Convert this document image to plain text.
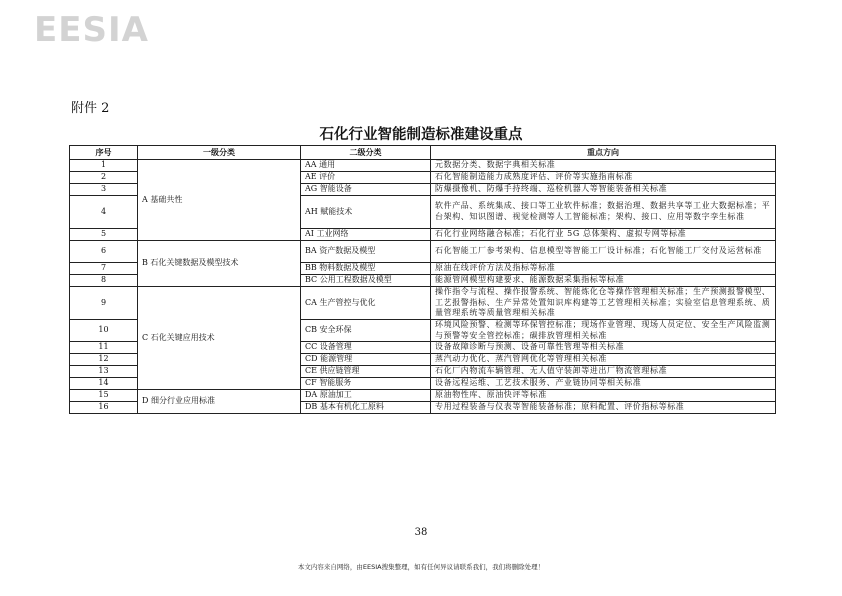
EESIA
附件 2
石化行业智能制造标准建设重点
序号	一级分类	二级分类	重点方向
1	A 基础共性	AA 通用	元数据分类、数据字典相关标准
2		AE 评价	石化智能制造能力成熟度评估、评价等实施指南标准
3		AG 智能设备	防爆摄像机、防爆手持终端、巡检机器人等智能装备相关标准
4		AH 赋能技术	软件产品、系统集成、接口等工业软件标准；数据治理、数据共享等工业大数据标准；平台架构、知识图谱、视觉检测等人工智能标准；架构、接口、应用等数字孪生标准
5		AI 工业网络	石化行业网络融合标准；石化行业 5G 总体架构、虚拟专网等标准
6	B 石化关键数据及模型技术	BA 资产数据及模型	石化智能工厂参考架构、信息模型等智能工厂设计标准；石化智能工厂交付及运营标准
7		BB 物料数据及模型	原油在线评价方法及指标等标准
8		BC 公用工程数据及模型	能源管网模型构建要求、能源数据采集指标等标准
9	C 石化关键应用技术	CA 生产管控与优化	操作指令与流程、操作报警系统、智能炼化仓等操作管理相关标准；生产预测报警模型、工艺报警指标、生产异常处置知识库构建等工艺管理相关标准；实验室信息管理系统、质量管理系统等质量管理相关标准
10		CB 安全环保	环境风险预警、检测等环保管控标准；现场作业管理、现场人员定位、安全生产风险监测与预警等安全管控标准；碳排放管理相关标准
11		CC 设备管理	设备故障诊断与预测、设备可靠性管理等相关标准
12		CD 能源管理	蒸汽动力优化、蒸汽管网优化等管理相关标准
13		CE 供应链管理	石化厂内物流车辆管理、无人值守装卸等进出厂物流管理标准
14		CF 智能服务	设备远程运维、工艺技术服务、产业链协同等相关标准
15	D 细分行业应用标准	DA 原油加工	原油物性库、原油快评等标准
16		DB 基本有机化工原料	专用过程装备与仪表等智能装备标准；原料配置、评价指标等标准
38
本文内容来自网络，由EESIA搜集整理，如有任何异议请联系我们，我们将删除处理！
